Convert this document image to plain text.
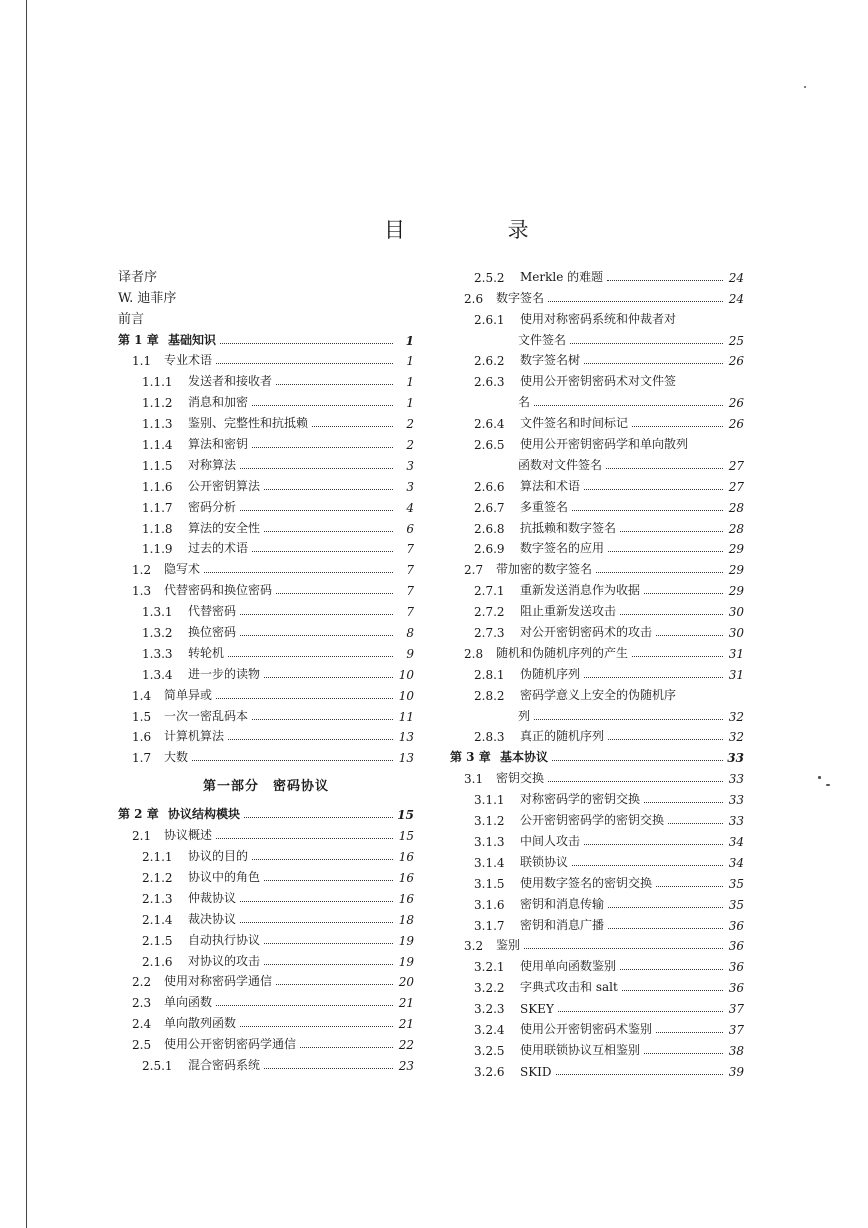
目 录
译者序
W. 迪菲序
前言
第 1 章 基础知识	1
1.1	专业术语	1
1.1.1	发送者和接收者	1
1.1.2	消息和加密	1
1.1.3	鉴别、完整性和抗抵赖	2
1.1.4	算法和密钥	2
1.1.5	对称算法	3
1.1.6	公开密钥算法	3
1.1.7	密码分析	4
1.1.8	算法的安全性	6
1.1.9	过去的术语	7
1.2	隐写术	7
1.3	代替密码和换位密码	7
1.3.1	代替密码	7
1.3.2	换位密码	8
1.3.3	转轮机	9
1.3.4	进一步的读物	10
1.4	简单异或	10
1.5	一次一密乱码本	11
1.6	计算机算法	13
1.7	大数	13
第一部分 密码协议
第 2 章 协议结构模块	15
2.1	协议概述	15
2.1.1	协议的目的	16
2.1.2	协议中的角色	16
2.1.3	仲裁协议	16
2.1.4	裁决协议	18
2.1.5	自动执行协议	19
2.1.6	对协议的攻击	19
2.2	使用对称密码学通信	20
2.3	单向函数	21
2.4	单向散列函数	21
2.5	使用公开密钥密码学通信	22
2.5.1	混合密码系统	23
2.5.2	Merkle 的难题	24
2.6	数字签名	24
2.6.1	使用对称密码系统和仲裁者对
文件签名	25
2.6.2	数字签名树	26
2.6.3	使用公开密钥密码术对文件签
名	26
2.6.4	文件签名和时间标记	26
2.6.5	使用公开密钥密码学和单向散列
函数对文件签名	27
2.6.6	算法和术语	27
2.6.7	多重签名	28
2.6.8	抗抵赖和数字签名	28
2.6.9	数字签名的应用	29
2.7	带加密的数字签名	29
2.7.1	重新发送消息作为收据	29
2.7.2	阻止重新发送攻击	30
2.7.3	对公开密钥密码术的攻击	30
2.8	随机和伪随机序列的产生	31
2.8.1	伪随机序列	31
2.8.2	密码学意义上安全的伪随机序
列	32
2.8.3	真正的随机序列	32
第 3 章 基本协议	33
3.1	密钥交换	33
3.1.1	对称密码学的密钥交换	33
3.1.2	公开密钥密码学的密钥交换	33
3.1.3	中间人攻击	34
3.1.4	联锁协议	34
3.1.5	使用数字签名的密钥交换	35
3.1.6	密钥和消息传输	35
3.1.7	密钥和消息广播	36
3.2	鉴别	36
3.2.1	使用单向函数鉴别	36
3.2.2	字典式攻击和 salt	36
3.2.3	SKEY	37
3.2.4	使用公开密钥密码术鉴别	37
3.2.5	使用联锁协议互相鉴别	38
3.2.6	SKID	39
